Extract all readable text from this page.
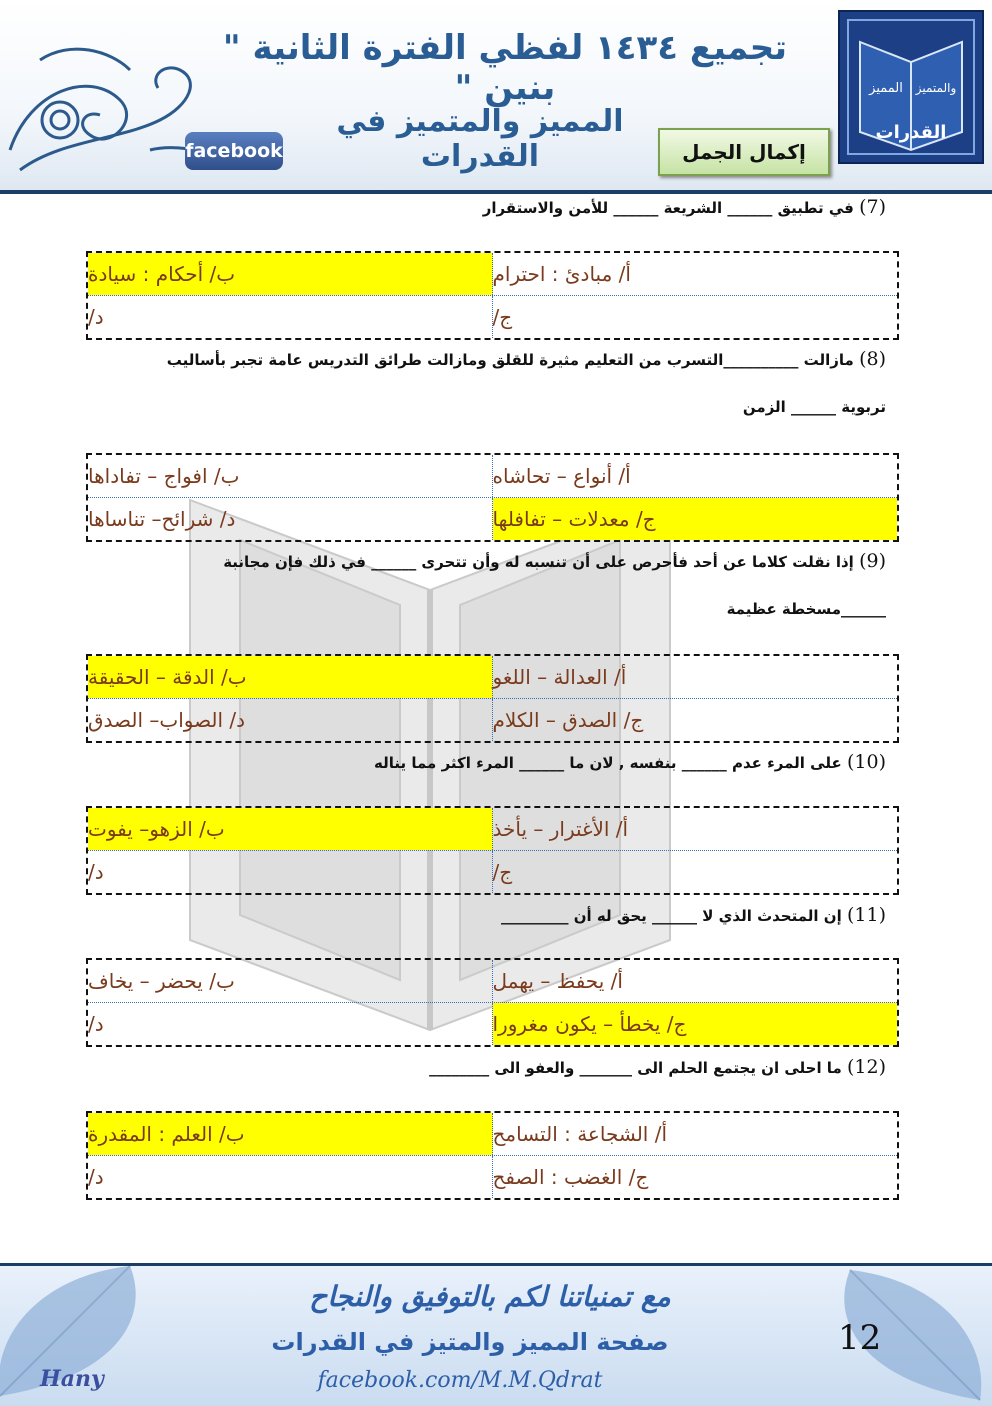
تجميع ١٤٣٤ لفظي الفترة الثانية " بنين "
المميز والمتميز في القدرات
facebook	إكمال الجمل
القدرات
المميز والمتميز
(7) في تطبيق ______ الشريعة ______ للأمن والاستقرار
ب/ أحكام : سيادة	أ/ مبادئ : احترام
د/	ج/
(8) مازالت __________التسرب من التعليم مثيرة للقلق ومازالت طرائق التدريس عامة تجبر بأساليب
تربوية ______ الزمن
ب/ افواج – تفاداها	أ/ أنواع – تحاشاه
د/ شرائح– تناساها	ج/ معدلات – تفافلها
(9) إذا نقلت كلاما عن أحد فأحرص على أن تنسبه له وأن تتحرى ______ في ذلك فإن مجانبة
______مسخطة عظيمة
ب/ الدقة – الحقيقة	أ/ العدالة – اللغو
د/ الصواب– الصدق	ج/ الصدق – الكلام
(10) على المرء عدم ______ بنفسه , لان ما ______ المرء اكثر مما يناله
ب/ الزهو– يفوت	أ/ الأغترار – يأخذ
د/	ج/
(11) إن المتحدث الذي لا ______ يحق له أن _________
ب/ يحضر – يخاف	أ/ يحفظ – يهمل
د/	ج/ يخطأ – يكون مغرورا
(12) ما احلى ان يجتمع الحلم الى _______ والعفو الى ________
ب/ العلم : المقدرة	أ/ الشجاعة : التسامح
د/	ج/ الغضب : الصفح
مع تمنياتنا لكم بالتوفيق والنجاح
صفحة المميز والمتيز في القدرات
facebook.com/M.M.Qdrat
12
Hany
